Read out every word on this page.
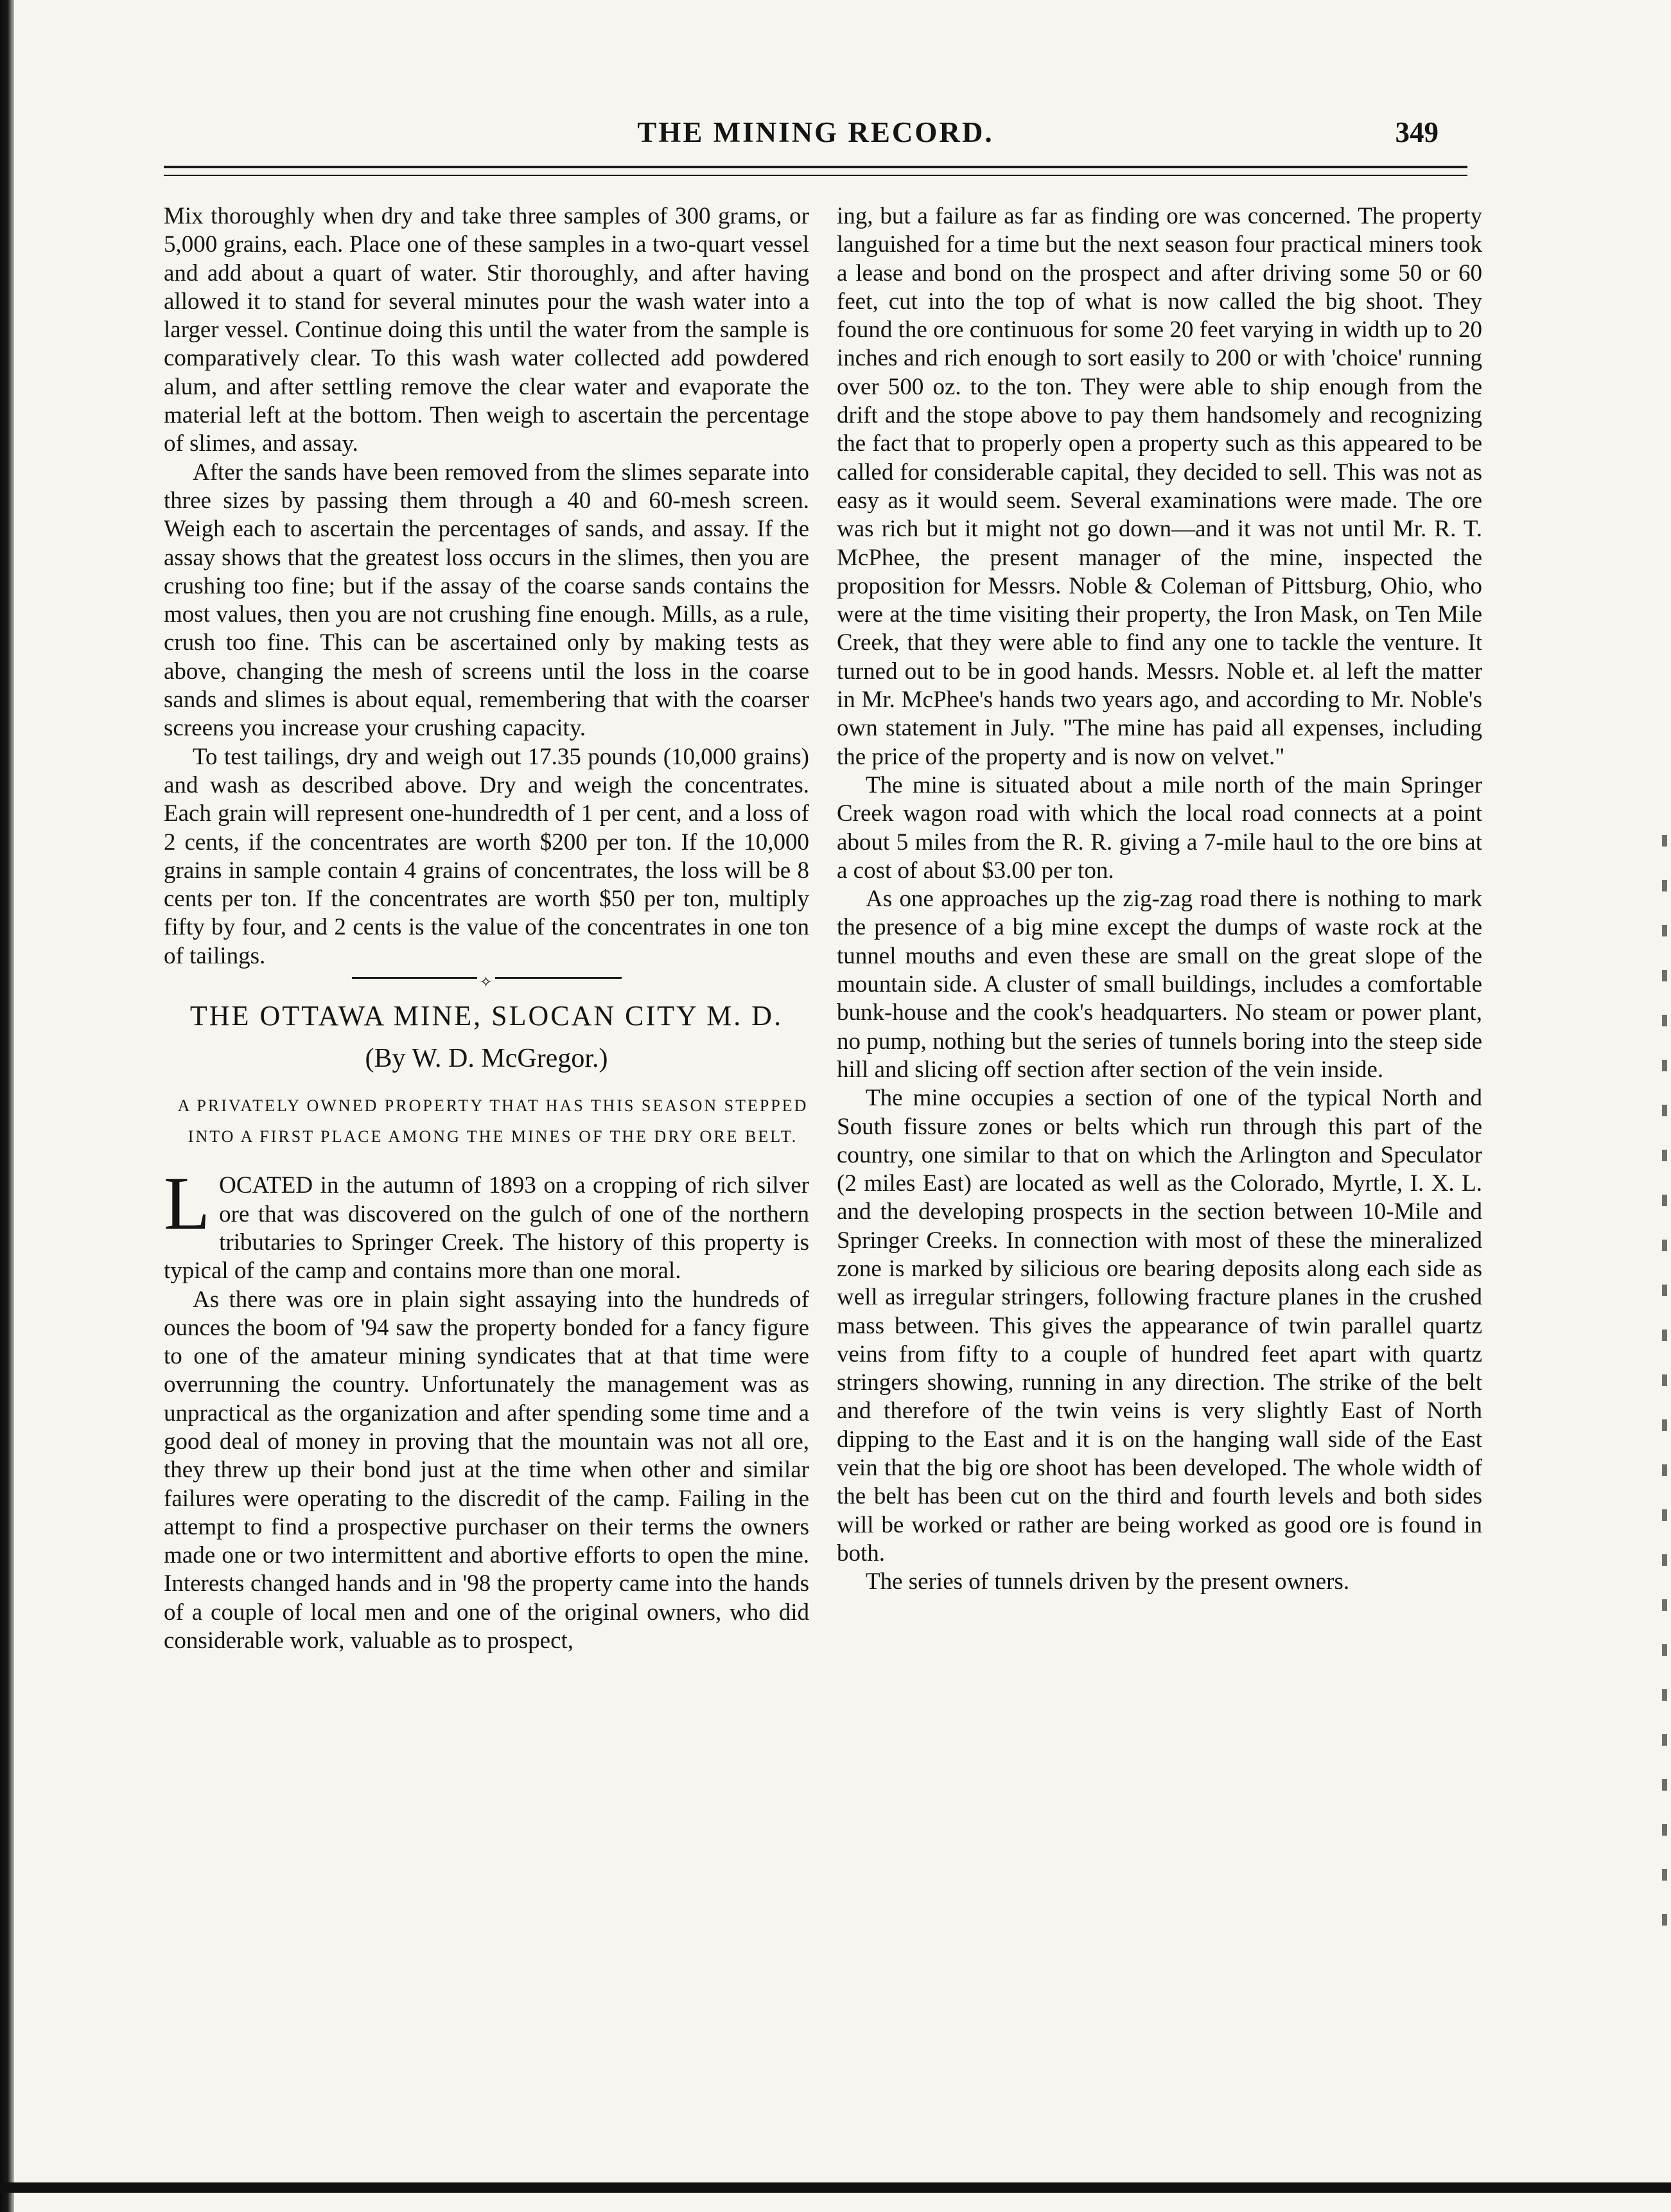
THE MINING RECORD.	349

Mix thoroughly when dry and take three samples of 300 grams, or 5,000 grains, each. Place one of these samples in a two-quart vessel and add about a quart of water. Stir thoroughly, and after having allowed it to stand for several minutes pour the wash water into a larger vessel. Continue doing this until the water from the sample is comparatively clear. To this wash water collected add powdered alum, and after settling remove the clear water and evaporate the material left at the bottom. Then weigh to ascertain the percentage of slimes, and assay.

After the sands have been removed from the slimes separate into three sizes by passing them through a 40 and 60-mesh screen. Weigh each to ascertain the percentages of sands, and assay. If the assay shows that the greatest loss occurs in the slimes, then you are crushing too fine; but if the assay of the coarse sands contains the most values, then you are not crushing fine enough. Mills, as a rule, crush too fine. This can be ascertained only by making tests as above, changing the mesh of screens until the loss in the coarse sands and slimes is about equal, remembering that with the coarser screens you increase your crushing capacity.

To test tailings, dry and weigh out 17.35 pounds (10,000 grains) and wash as described above. Dry and weigh the concentrates. Each grain will represent one-hundredth of 1 per cent, and a loss of 2 cents, if the concentrates are worth $200 per ton. If the 10,000 grains in sample contain 4 grains of concentrates, the loss will be 8 cents per ton. If the concentrates are worth $50 per ton, multiply fifty by four, and 2 cents is the value of the concentrates in one ton of tailings.

✧
THE OTTAWA MINE, SLOCAN CITY M. D.
(By W. D. McGregor.)
A PRIVATELY OWNED PROPERTY THAT HAS THIS SEASON STEPPED INTO A FIRST PLACE AMONG THE MINES OF THE DRY ORE BELT.

LOCATED in the autumn of 1893 on a cropping of rich silver ore that was discovered on the gulch of one of the northern tributaries to Springer Creek. The history of this property is typical of the camp and contains more than one moral.

As there was ore in plain sight assaying into the hundreds of ounces the boom of '94 saw the property bonded for a fancy figure to one of the amateur mining syndicates that at that time were overrunning the country. Unfortunately the management was as unpractical as the organization and after spending some time and a good deal of money in proving that the mountain was not all ore, they threw up their bond just at the time when other and similar failures were operating to the discredit of the camp. Failing in the attempt to find a prospective purchaser on their terms the owners made one or two intermittent and abortive efforts to open the mine. Interests changed hands and in '98 the property came into the hands of a couple of local men and one of the original owners, who did considerable work, valuable as to prospect,

ing, but a failure as far as finding ore was concerned. The property languished for a time but the next season four practical miners took a lease and bond on the prospect and after driving some 50 or 60 feet, cut into the top of what is now called the big shoot. They found the ore continuous for some 20 feet varying in width up to 20 inches and rich enough to sort easily to 200 or with 'choice' running over 500 oz. to the ton. They were able to ship enough from the drift and the stope above to pay them handsomely and recognizing the fact that to properly open a property such as this appeared to be called for considerable capital, they decided to sell. This was not as easy as it would seem. Several examinations were made. The ore was rich but it might not go down—and it was not until Mr. R. T. McPhee, the present manager of the mine, inspected the proposition for Messrs. Noble & Coleman of Pittsburg, Ohio, who were at the time visiting their property, the Iron Mask, on Ten Mile Creek, that they were able to find any one to tackle the venture. It turned out to be in good hands. Messrs. Noble et. al left the matter in Mr. McPhee's hands two years ago, and according to Mr. Noble's own statement in July. "The mine has paid all expenses, including the price of the property and is now on velvet."

The mine is situated about a mile north of the main Springer Creek wagon road with which the local road connects at a point about 5 miles from the R. R. giving a 7-mile haul to the ore bins at a cost of about $3.00 per ton.

As one approaches up the zig-zag road there is nothing to mark the presence of a big mine except the dumps of waste rock at the tunnel mouths and even these are small on the great slope of the mountain side. A cluster of small buildings, includes a comfortable bunk-house and the cook's headquarters. No steam or power plant, no pump, nothing but the series of tunnels boring into the steep side hill and slicing off section after section of the vein inside.

The mine occupies a section of one of the typical North and South fissure zones or belts which run through this part of the country, one similar to that on which the Arlington and Speculator (2 miles East) are located as well as the Colorado, Myrtle, I. X. L. and the developing prospects in the section between 10-Mile and Springer Creeks. In connection with most of these the mineralized zone is marked by silicious ore bearing deposits along each side as well as irregular stringers, following fracture planes in the crushed mass between. This gives the appearance of twin parallel quartz veins from fifty to a couple of hundred feet apart with quartz stringers showing, running in any direction. The strike of the belt and therefore of the twin veins is very slightly East of North dipping to the East and it is on the hanging wall side of the East vein that the big ore shoot has been developed. The whole width of the belt has been cut on the third and fourth levels and both sides will be worked or rather are being worked as good ore is found in both.

The series of tunnels driven by the present owners.
